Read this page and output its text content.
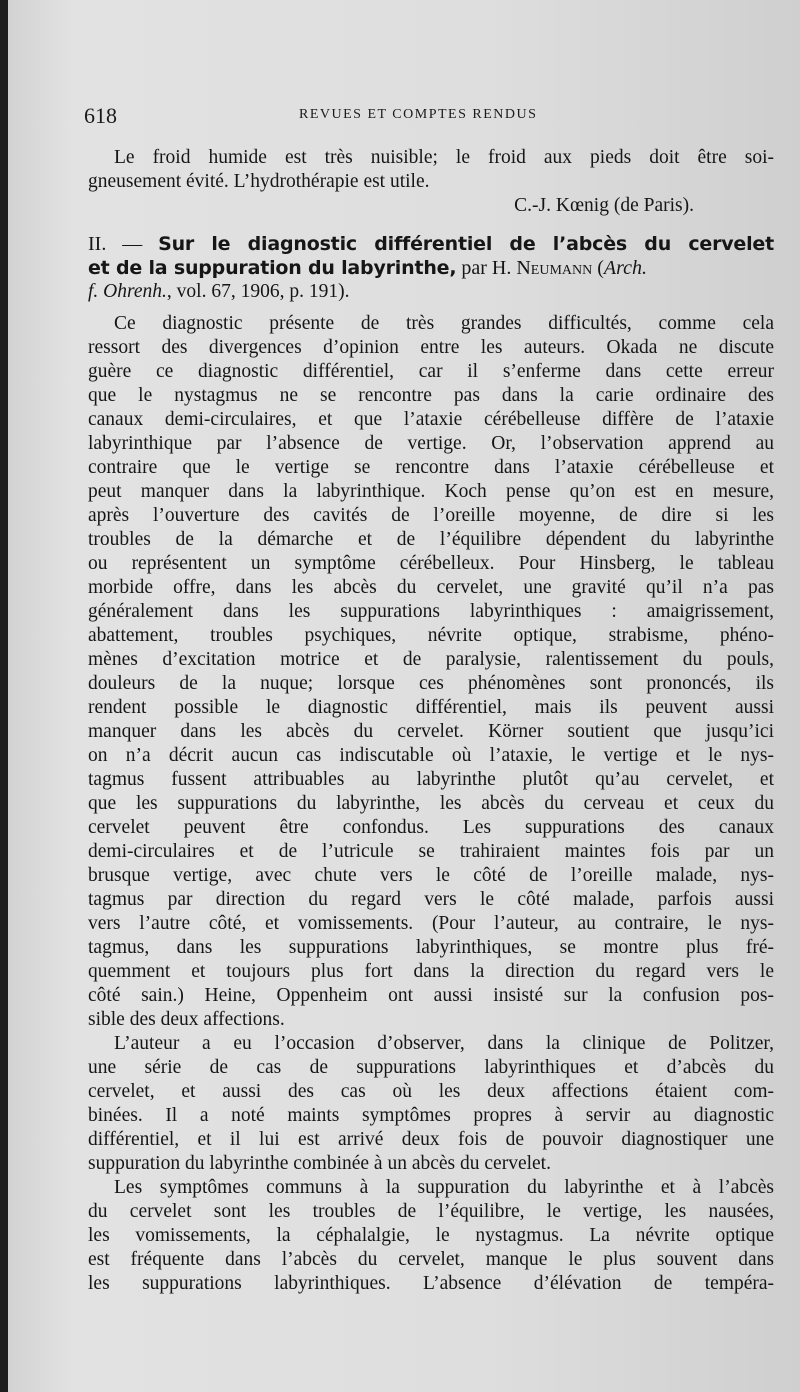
618	REVUES ET COMPTES RENDUS
Le froid humide est très nuisible; le froid aux pieds doit être soi-
gneusement évité. L’hydrothérapie est utile.
C.-J. Kœnig (de Paris).
II. — Sur le diagnostic différentiel de l’abcès du cervelet
et de la suppuration du labyrinthe, par H. Neumann (Arch.
f. Ohrenh., vol. 67, 1906, p. 191).
Ce diagnostic présente de très grandes difficultés, comme cela
ressort des divergences d’opinion entre les auteurs. Okada ne discute
guère ce diagnostic différentiel, car il s’enferme dans cette erreur
que le nystagmus ne se rencontre pas dans la carie ordinaire des
canaux demi-circulaires, et que l’ataxie cérébelleuse diffère de l’ataxie
labyrinthique par l’absence de vertige. Or, l’observation apprend au
contraire que le vertige se rencontre dans l’ataxie cérébelleuse et
peut manquer dans la labyrinthique. Koch pense qu’on est en mesure,
après l’ouverture des cavités de l’oreille moyenne, de dire si les
troubles de la démarche et de l’équilibre dépendent du labyrinthe
ou représentent un symptôme cérébelleux. Pour Hinsberg, le tableau
morbide offre, dans les abcès du cervelet, une gravité qu’il n’a pas
généralement dans les suppurations labyrinthiques : amaigrissement,
abattement, troubles psychiques, névrite optique, strabisme, phéno-
mènes d’excitation motrice et de paralysie, ralentissement du pouls,
douleurs de la nuque; lorsque ces phénomènes sont prononcés, ils
rendent possible le diagnostic différentiel, mais ils peuvent aussi
manquer dans les abcès du cervelet. Körner soutient que jusqu’ici
on n’a décrit aucun cas indiscutable où l’ataxie, le vertige et le nys-
tagmus fussent attribuables au labyrinthe plutôt qu’au cervelet, et
que les suppurations du labyrinthe, les abcès du cerveau et ceux du
cervelet peuvent être confondus. Les suppurations des canaux
demi-circulaires et de l’utricule se trahiraient maintes fois par un
brusque vertige, avec chute vers le côté de l’oreille malade, nys-
tagmus par direction du regard vers le côté malade, parfois aussi
vers l’autre côté, et vomissements. (Pour l’auteur, au contraire, le nys-
tagmus, dans les suppurations labyrinthiques, se montre plus fré-
quemment et toujours plus fort dans la direction du regard vers le
côté sain.) Heine, Oppenheim ont aussi insisté sur la confusion pos-
sible des deux affections.
L’auteur a eu l’occasion d’observer, dans la clinique de Politzer,
une série de cas de suppurations labyrinthiques et d’abcès du
cervelet, et aussi des cas où les deux affections étaient com-
binées. Il a noté maints symptômes propres à servir au diagnostic
différentiel, et il lui est arrivé deux fois de pouvoir diagnostiquer une
suppuration du labyrinthe combinée à un abcès du cervelet.
Les symptômes communs à la suppuration du labyrinthe et à l’abcès
du cervelet sont les troubles de l’équilibre, le vertige, les nausées,
les vomissements, la céphalalgie, le nystagmus. La névrite optique
est fréquente dans l’abcès du cervelet, manque le plus souvent dans
les suppurations labyrinthiques. L’absence d’élévation de tempéra-
